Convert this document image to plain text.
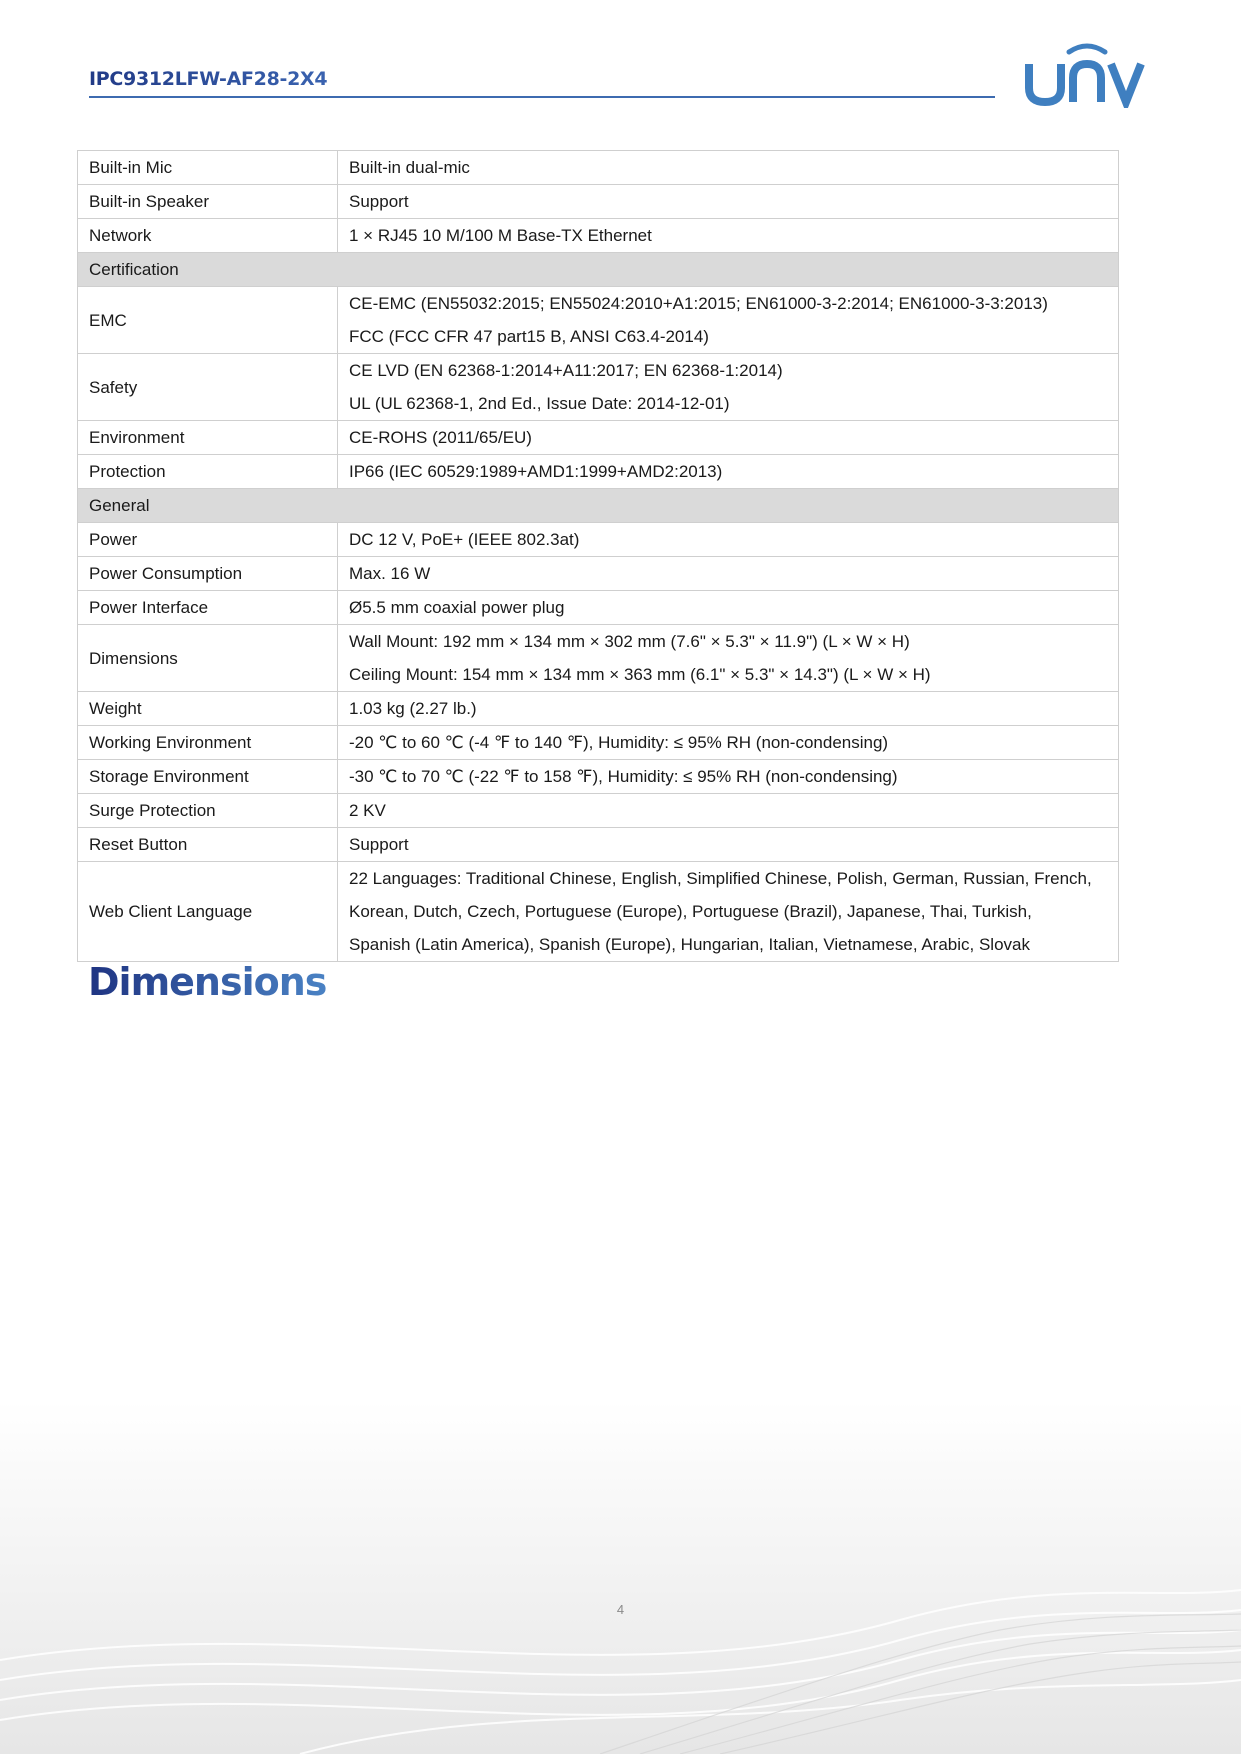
IPC9312LFW-AF28-2X4
Built-in Mic	Built-in dual-mic

Built-in Speaker	Support

Network	1 × RJ45 10 M/100 M Base-TX Ethernet

Certification	
EMC	CE-EMC (EN55032:2015; EN55024:2010+A1:2015; EN61000-3-2:2014; EN61000-3-3:2013)
FCC (FCC CFR 47 part15 B, ANSI C63.4-2014)

Safety	CE LVD (EN 62368-1:2014+A11:2017; EN 62368-1:2014)
UL (UL 62368-1, 2nd Ed., Issue Date: 2014-12-01)

Environment	CE-ROHS (2011/65/EU)

Protection	IP66 (IEC 60529:1989+AMD1:1999+AMD2:2013)

General	
Power	DC 12 V, PoE+ (IEEE 802.3at)

Power Consumption	Max. 16 W

Power Interface	Ø5.5 mm coaxial power plug

Dimensions	Wall Mount: 192 mm × 134 mm × 302 mm (7.6" × 5.3" × 11.9") (L × W × H)
Ceiling Mount: 154 mm × 134 mm × 363 mm (6.1" × 5.3" × 14.3") (L × W × H)

Weight	1.03 kg (2.27 lb.)

Working Environment	-20 ℃ to 60 ℃ (-4 ℉ to 140 ℉), Humidity: ≤ 95% RH (non-condensing)

Storage Environment	-30 ℃ to 70 ℃ (-22 ℉ to 158 ℉), Humidity: ≤ 95% RH (non-condensing)

Surge Protection	2 KV

Reset Button	Support

Web Client Language	22 Languages: Traditional Chinese, English, Simplified Chinese, Polish, German, Russian, French,
Korean, Dutch, Czech, Portuguese (Europe), Portuguese (Brazil), Japanese, Thai, Turkish,
Spanish (Latin America), Spanish (Europe), Hungarian, Italian, Vietnamese, Arabic, Slovak
Dimensions
4
